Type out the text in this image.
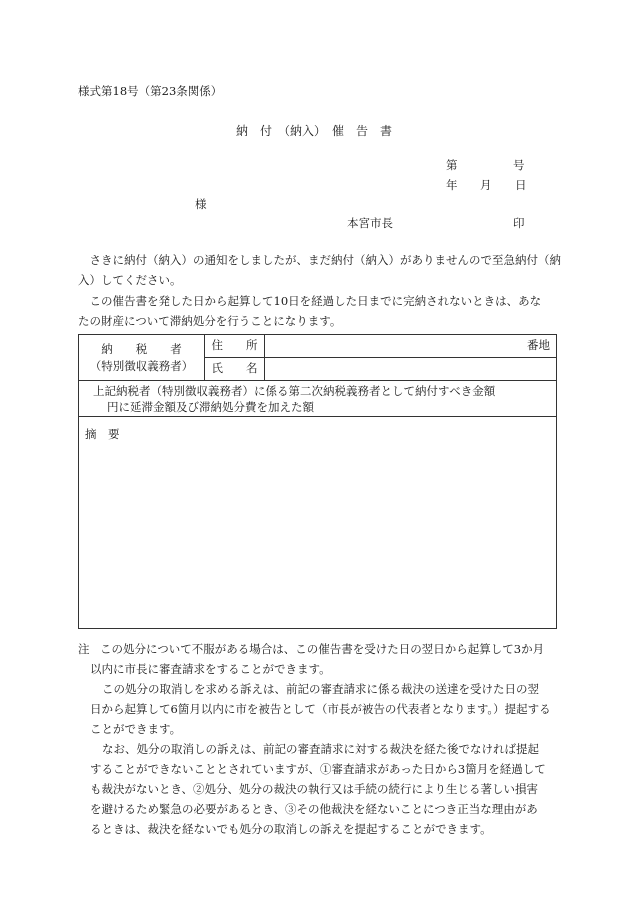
様式第18号（第23条関係）
納　付　（納入）　催　告　書
第	号
年 月 日
様
本宮市長	印
　さきに納付（納入）の通知をしましたが、まだ納付（納入）がありませんので至急納付（納
入）してください。
　この催告書を発した日から起算して10日を経過した日までに完納されないときは、あな
たの財産について滞納処分を行うことになります。
納　　税　　者
（特別徴収義務者）	住　　所	番地
	氏　　名	

上記納税者（特別徴収義務者）に係る第二次納税義務者として納付すべき金額
円に延滞金額及び滞納処分費を加えた額		

摘　要		
注 この処分について不服がある場合は、この催告書を受けた日の翌日から起算して3か月
以内に市長に審査請求をすることができます。
この処分の取消しを求める訴えは、前記の審査請求に係る裁決の送達を受けた日の翌
日から起算して6箇月以内に市を被告として（市長が被告の代表者となります。）提起する
ことができます。
なお、処分の取消しの訴えは、前記の審査請求に対する裁決を経た後でなければ提起
することができないこととされていますが、①審査請求があった日から3箇月を経過して
も裁決がないとき、②処分、処分の裁決の執行又は手続の続行により生じる著しい損害
を避けるため緊急の必要があるとき、③その他裁決を経ないことにつき正当な理由があ
るときは、裁決を経ないでも処分の取消しの訴えを提起することができます。
